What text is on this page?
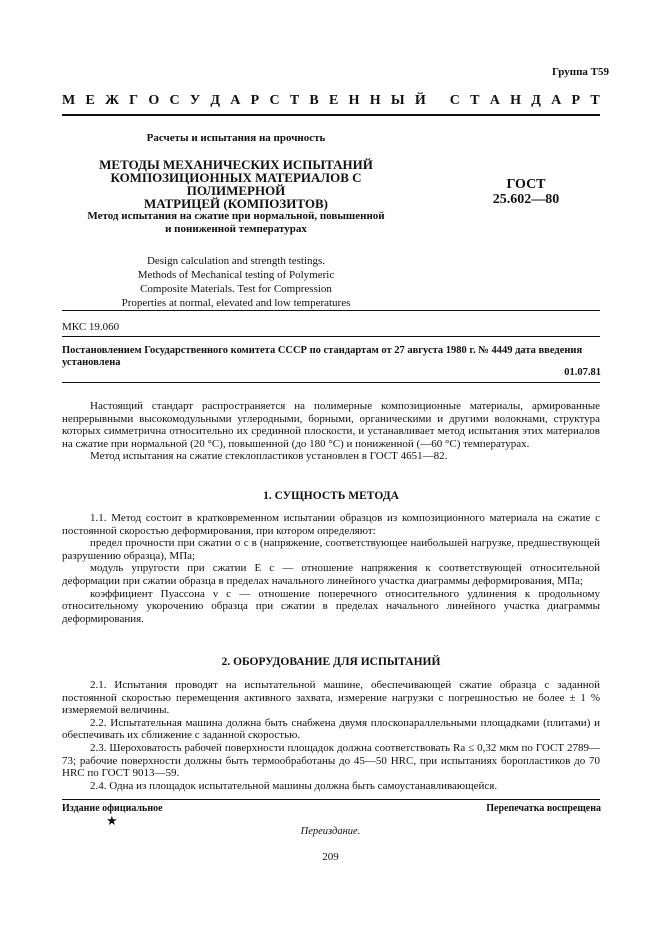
Группа Т59
М Е Ж Г О С У Д А Р С Т В Е Н Н Ы Й
С Т А Н Д А Р Т
Расчеты и испытания на прочность
МЕТОДЫ МЕХАНИЧЕСКИХ ИСПЫТАНИЙ
КОМПОЗИЦИОННЫХ МАТЕРИАЛОВ С ПОЛИМЕРНОЙ
МАТРИЦЕЙ (КОМПОЗИТОВ)
Метод испытания на сжатие при нормальной, повышенной
и пониженной температурах
Design calculation and strength testings.
Methods of Mechanical testing of Polymeric
Composite Materials. Test for Compression
Properties at normal, elevated and low temperatures
ГОСТ
25.602—80
МКС 19.060
Постановлением Государственного комитета СССР по стандартам от 27 августа 1980 г. № 4449 дата введения установлена
01.07.81

Настоящий стандарт распространяется на полимерные композиционные материалы, армированные непрерывными высокомодульными углеродными, борными, органическими и другими волокнами, структура которых симметрична относительно их срединной плоскости, и устанавливает метод испытания этих материалов на сжатие при нормальной (20 °С), повышенной (до 180 °С) и пониженной (—60 °С) температурах.

Метод испытания на сжатие стеклопластиков установлен в ГОСТ 4651—82.

1. СУЩНОСТЬ МЕТОДА

1.1. Метод состоит в кратковременном испытании образцов из композиционного материала на сжатие с постоянной скоростью деформирования, при котором определяют:

предел прочности при сжатии σ с в (напряжение, соответствующее наибольшей нагрузке, предшествующей разрушению образца), МПа;

модуль упругости при сжатии E с — отношение напряжения к соответствующей относительной деформации при сжатии образца в пределах начального линейного участка диаграммы деформирования, МПа;

коэффициент Пуассона ν с — отношение поперечного относительного удлинения к продольному относительному укорочению образца при сжатии в пределах начального линейного участка диаграммы деформирования.

2. ОБОРУДОВАНИЕ ДЛЯ ИСПЫТАНИЙ

2.1. Испытания проводят на испытательной машине, обеспечивающей сжатие образца с заданной постоянной скоростью перемещения активного захвата, измерение нагрузки с погрешностью не более ± 1 % измеряемой величины.

2.2. Испытательная машина должна быть снабжена двумя плоскопараллельными площадками (плитами) и обеспечивать их сближение с заданной скоростью.

2.3. Шероховатость рабочей поверхности площадок должна соответствовать Ra ≤ 0,32 мкм по ГОСТ 2789—73; рабочие поверхности должны быть термообработаны до 45—50 HRC, при испытаниях боропластиков до 70 HRC по ГОСТ 9013—59.

2.4. Одна из площадок испытательной машины должна быть самоустанавливающейся.

Издание официальное	Перепечатка воспрещена
★
Переиздание.
209
